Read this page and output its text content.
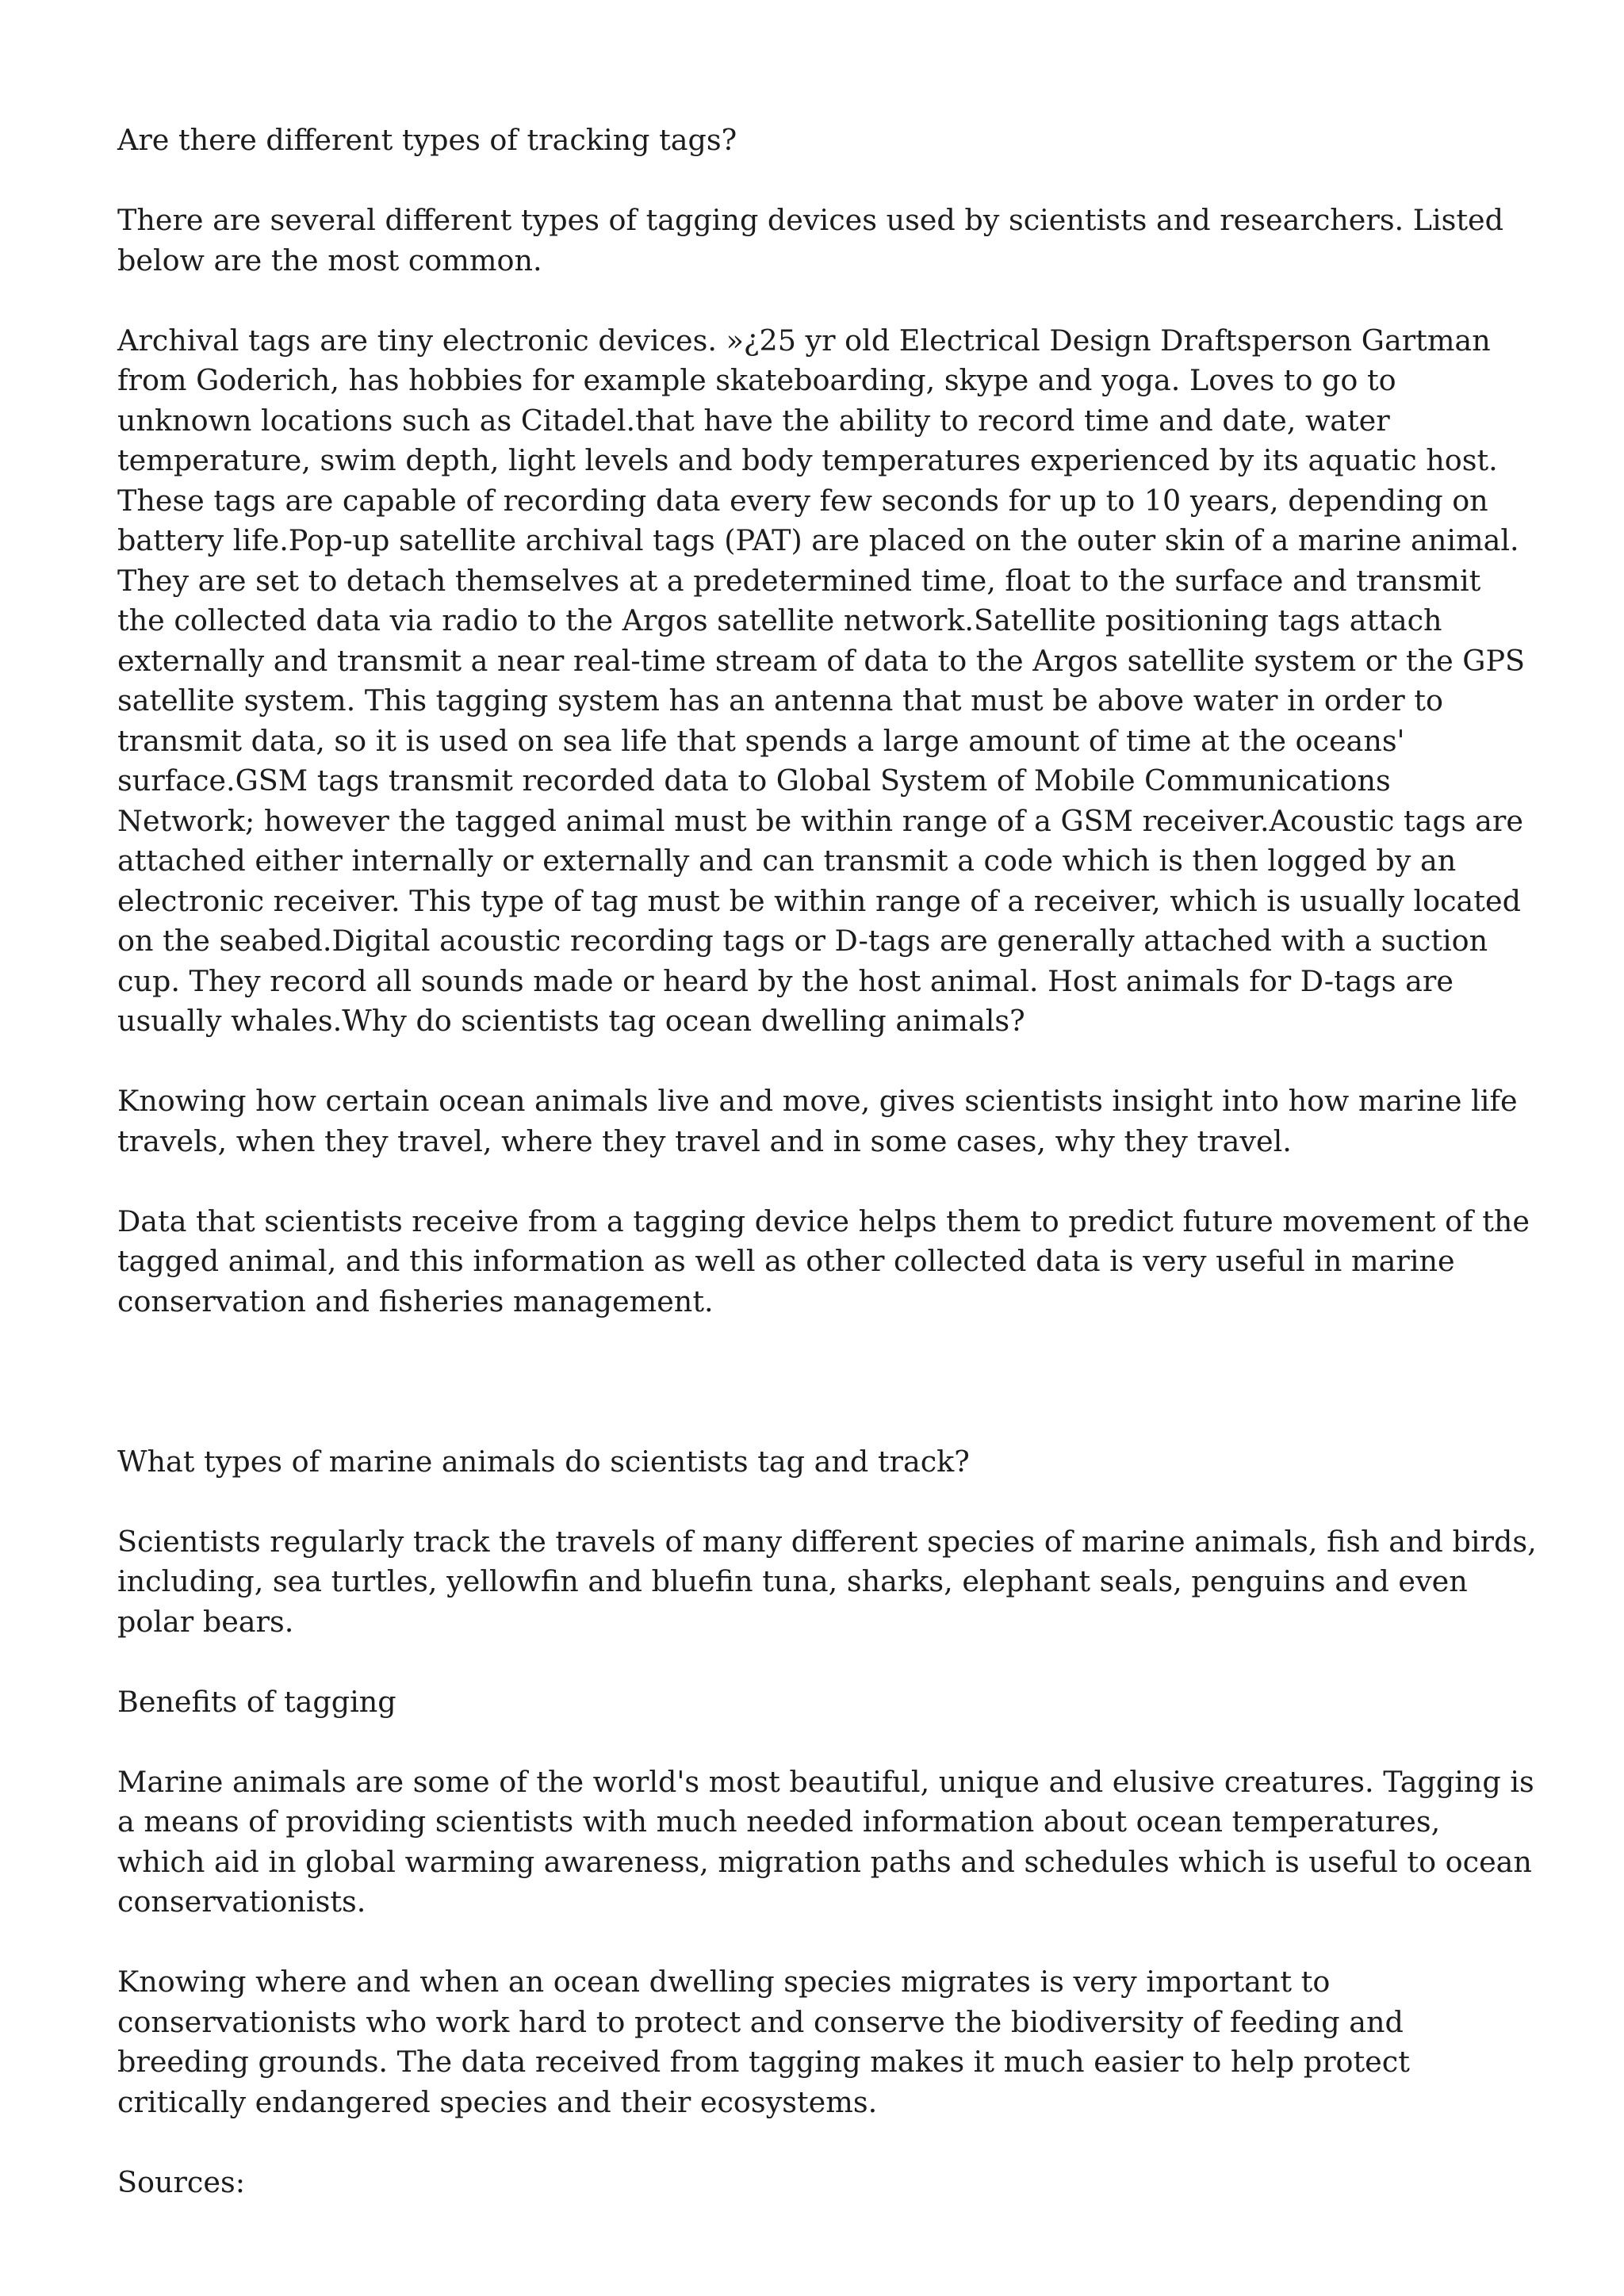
Are there different types of tracking tags?

There are several different types of tagging devices used by scientists and researchers. Listed below are the most common.

Archival tags are tiny electronic devices. »¿25 yr old Electrical Design Draftsperson Gartman from Goderich, has hobbies for example skateboarding, skype and yoga. Loves to go to unknown locations such as Citadel.that have the ability to record time and date, water temperature, swim depth, light levels and body temperatures experienced by its aquatic host. These tags are capable of recording data every few seconds for up to 10 years, depending on battery life.Pop-up satellite archival tags (PAT) are placed on the outer skin of a marine animal. They are set to detach themselves at a predetermined time, float to the surface and transmit the collected data via radio to the Argos satellite network.Satellite positioning tags attach externally and transmit a near real-time stream of data to the Argos satellite system or the GPS satellite system. This tagging system has an antenna that must be above water in order to transmit data, so it is used on sea life that spends a large amount of time at the oceans' surface.GSM tags transmit recorded data to Global System of Mobile Communications Network; however the tagged animal must be within range of a GSM receiver.Acoustic tags are attached either internally or externally and can transmit a code which is then logged by an electronic receiver. This type of tag must be within range of a receiver, which is usually located on the seabed.Digital acoustic recording tags or D-tags are generally attached with a suction cup. They record all sounds made or heard by the host animal. Host animals for D-tags are usually whales.Why do scientists tag ocean dwelling animals?

Knowing how certain ocean animals live and move, gives scientists insight into how marine life travels, when they travel, where they travel and in some cases, why they travel.

Data that scientists receive from a tagging device helps them to predict future movement of the tagged animal, and this information as well as other collected data is very useful in marine conservation and fisheries management.

What types of marine animals do scientists tag and track?

Scientists regularly track the travels of many different species of marine animals, fish and birds, including, sea turtles, yellowfin and bluefin tuna, sharks, elephant seals, penguins and even polar bears.

Benefits of tagging

Marine animals are some of the world's most beautiful, unique and elusive creatures. Tagging is a means of providing scientists with much needed information about ocean temperatures, which aid in global warming awareness, migration paths and schedules which is useful to ocean conservationists.

Knowing where and when an ocean dwelling species migrates is very important to conservationists who work hard to protect and conserve the biodiversity of feeding and breeding grounds. The data received from tagging makes it much easier to help protect critically endangered species and their ecosystems.

Sources:
